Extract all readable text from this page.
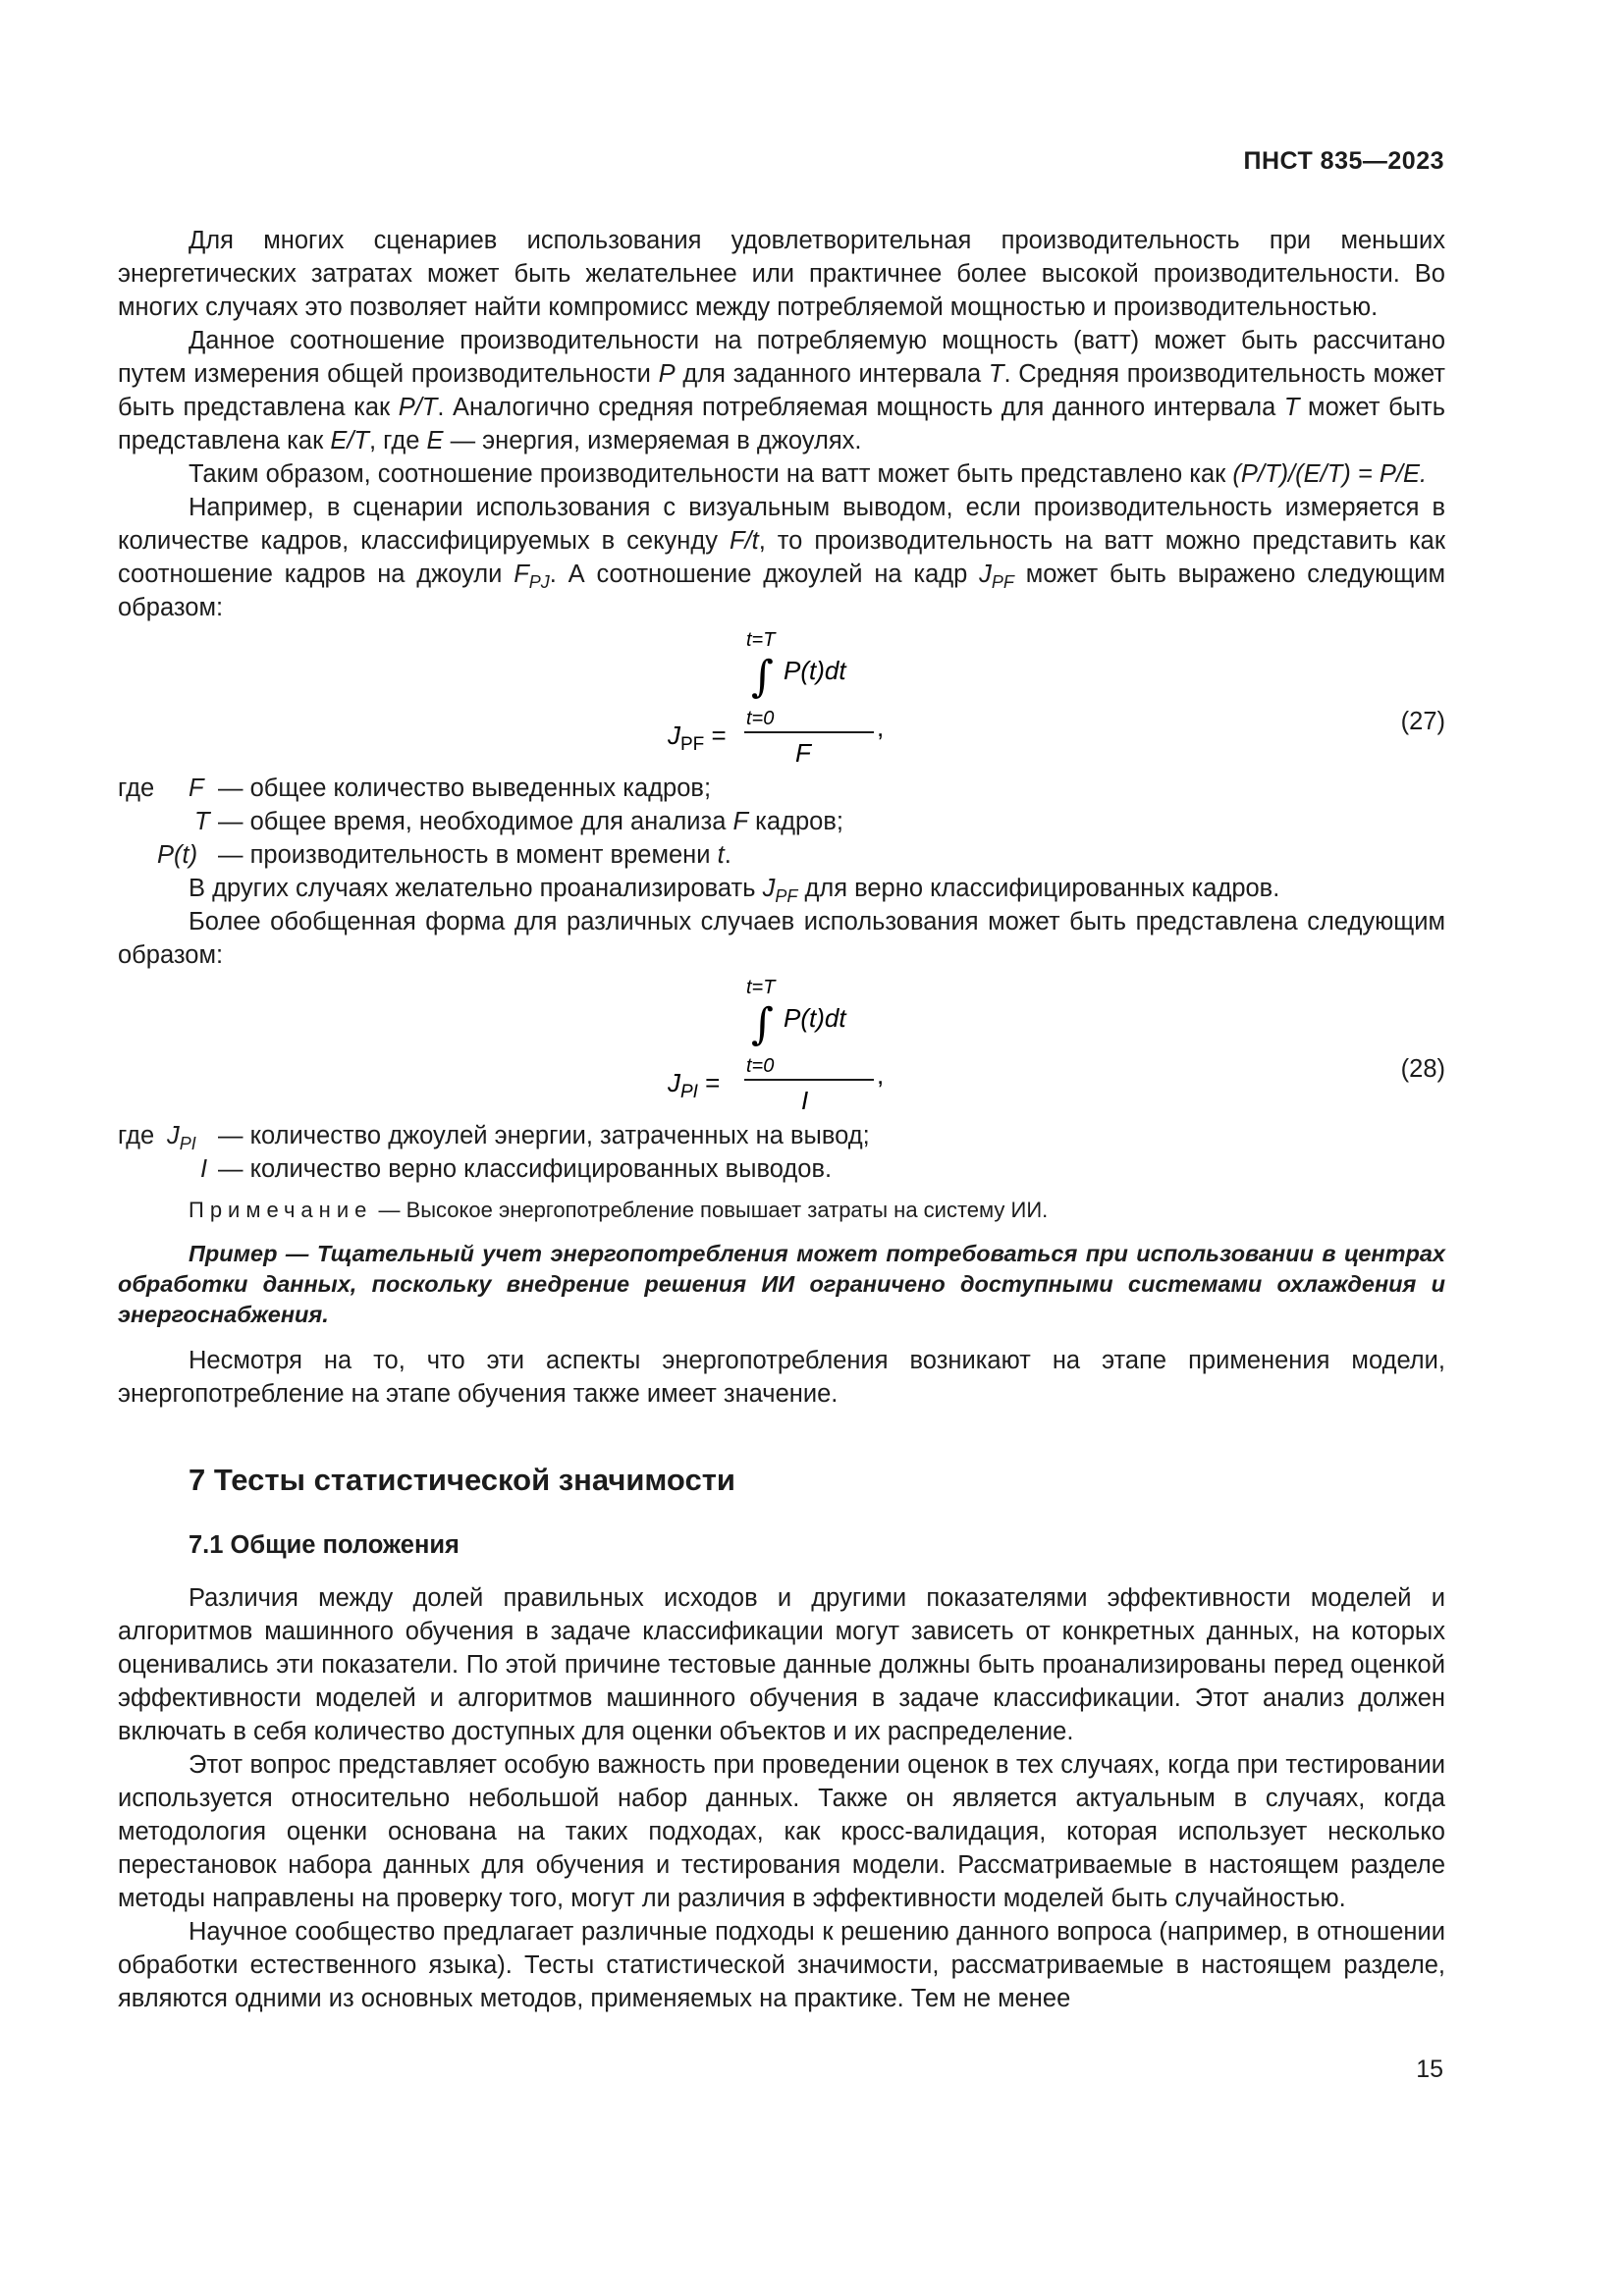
ПНСТ 835—2023

Для многих сценариев использования удовлетворительная производительность при меньших энергетических затратах может быть желательнее или практичнее более высокой производительности. Во многих случаях это позволяет найти компромисс между потребляемой мощностью и производительностью.

Данное соотношение производительности на потребляемую мощность (ватт) может быть рассчитано путем измерения общей производительности P для заданного интервала T. Средняя производительность может быть представлена как P/T. Аналогично средняя потребляемая мощность для данного интервала T может быть представлена как E/T, где E — энергия, измеряемая в джоулях.

Таким образом, соотношение производительности на ватт может быть представлено как (P/T)/(E/T) = P/E.

Например, в сценарии использования с визуальным выводом, если производительность измеряется в количестве кадров, классифицируемых в секунду F/t, то производительность на ватт можно представить как соотношение кадров на джоули $F_{PJ}$. А соотношение джоулей на кадр $J_{PF}$ может быть выражено следующим образом:

t=T
∫ P(t)dt
t=0
$J_{PF}$ =	,
F
(27)
где F — общее количество выведенных кадров;
T — общее время, необходимое для анализа F кадров;
P(t) — производительность в момент времени t.

В других случаях желательно проанализировать $J_{PF}$ для верно классифицированных кадров.

Более обобщенная форма для различных случаев использования может быть представлена следующим образом:

t=T
∫ P(t)dt
t=0
$J_{PI}$ =	,
I
(28)
где $J_{PI}$ — количество джоулей энергии, затраченных на вывод;
I — количество верно классифицированных выводов.

Примечание — Высокое энергопотребление повышает затраты на систему ИИ.

Пример — Тщательный учет энергопотребления может потребоваться при использовании в центрах обработки данных, поскольку внедрение решения ИИ ограничено доступными системами охлаждения и энергоснабжения.

Несмотря на то, что эти аспекты энергопотребления возникают на этапе применения модели, энергопотребление на этапе обучения также имеет значение.

7 Тесты статистической значимости

7.1 Общие положения

Различия между долей правильных исходов и другими показателями эффективности моделей и алгоритмов машинного обучения в задаче классификации могут зависеть от конкретных данных, на которых оценивались эти показатели. По этой причине тестовые данные должны быть проанализированы перед оценкой эффективности моделей и алгоритмов машинного обучения в задаче классификации. Этот анализ должен включать в себя количество доступных для оценки объектов и их распределение.

Этот вопрос представляет особую важность при проведении оценок в тех случаях, когда при тестировании используется относительно небольшой набор данных. Также он является актуальным в случаях, когда методология оценки основана на таких подходах, как кросс-валидация, которая использует несколько перестановок набора данных для обучения и тестирования модели. Рассматриваемые в настоящем разделе методы направлены на проверку того, могут ли различия в эффективности моделей быть случайностью.

Научное сообщество предлагает различные подходы к решению данного вопроса (например, в отношении обработки естественного языка). Тесты статистической значимости, рассматриваемые в настоящем разделе, являются одними из основных методов, применяемых на практике. Тем не менее

15
